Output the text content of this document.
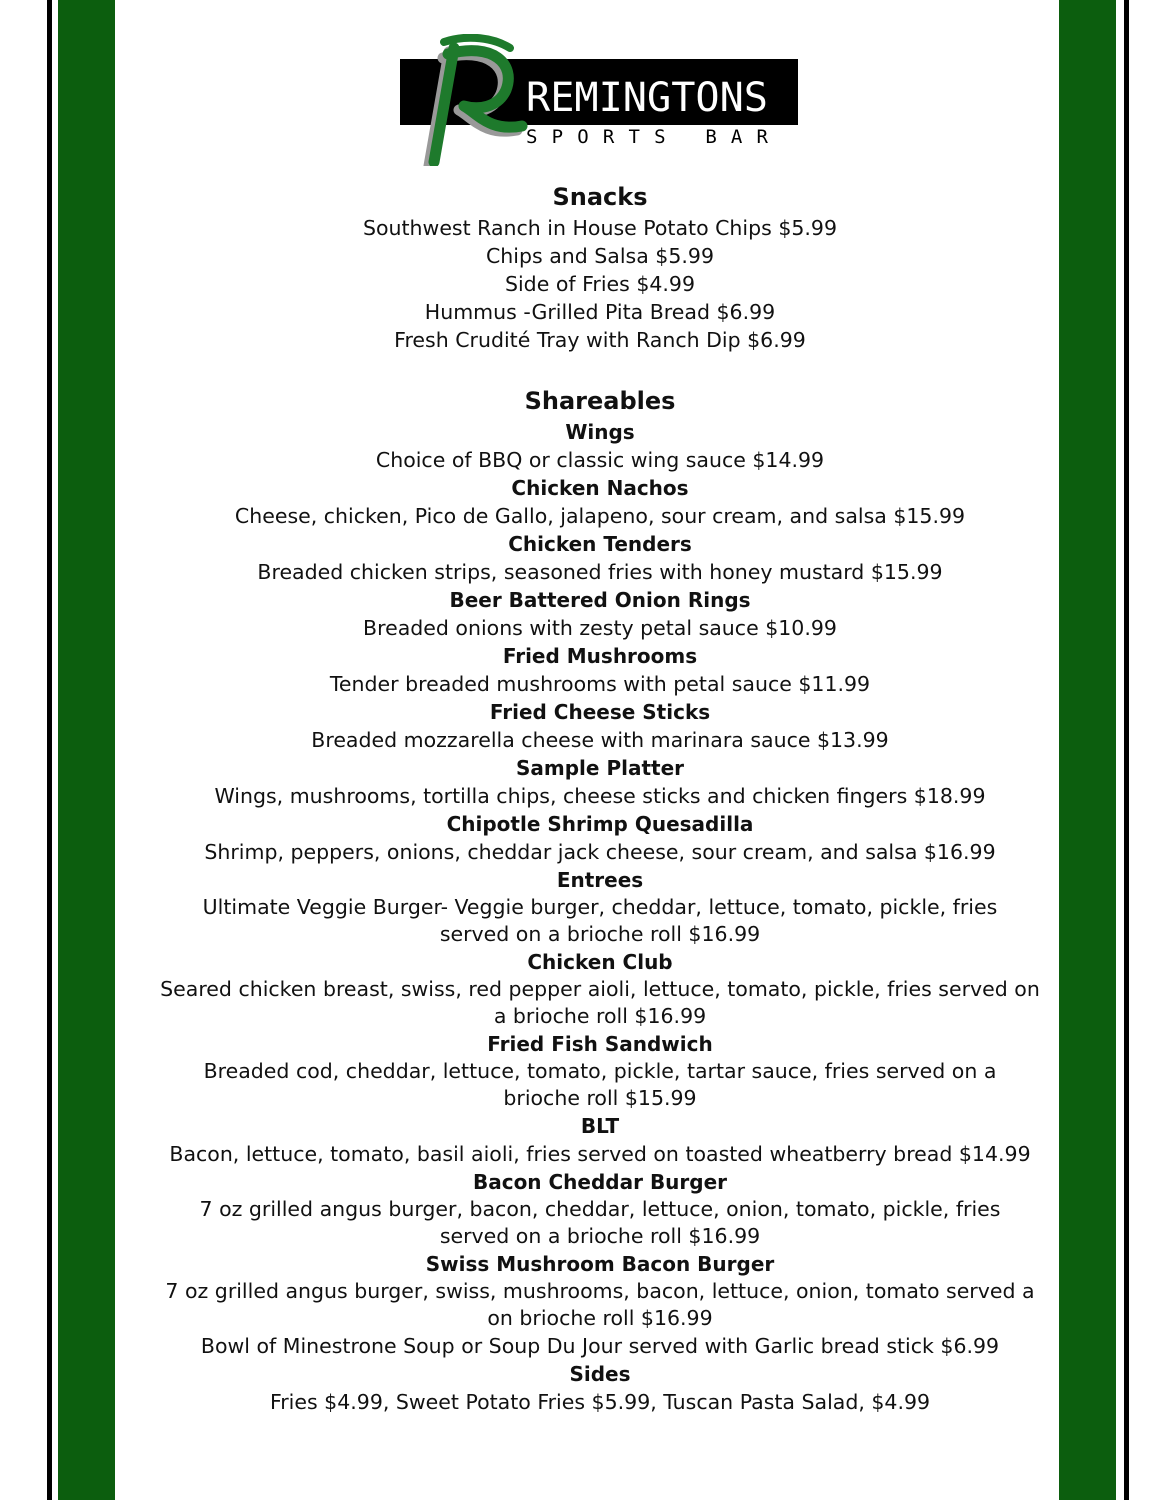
REMINGTONS
SPORTS BAR
Snacks
Southwest Ranch in House Potato Chips $5.99
Chips and Salsa $5.99
Side of Fries $4.99
Hummus -Grilled Pita Bread $6.99
Fresh Crudité Tray with Ranch Dip $6.99
Shareables
Wings
Choice of BBQ or classic wing sauce $14.99
Chicken Nachos
Cheese, chicken, Pico de Gallo, jalapeno, sour cream, and salsa $15.99
Chicken Tenders
Breaded chicken strips, seasoned fries with honey mustard $15.99
Beer Battered Onion Rings
Breaded onions with zesty petal sauce $10.99
Fried Mushrooms
Tender breaded mushrooms with petal sauce $11.99
Fried Cheese Sticks
Breaded mozzarella cheese with marinara sauce $13.99
Sample Platter
Wings, mushrooms, tortilla chips, cheese sticks and chicken fingers $18.99
Chipotle Shrimp Quesadilla
Shrimp, peppers, onions, cheddar jack cheese, sour cream, and salsa $16.99
Entrees
Ultimate Veggie Burger- Veggie burger, cheddar, lettuce, tomato, pickle, fries served on a brioche roll $16.99
Chicken Club
Seared chicken breast, swiss, red pepper aioli, lettuce, tomato, pickle, fries served on a brioche roll $16.99
Fried Fish Sandwich
Breaded cod, cheddar, lettuce, tomato, pickle, tartar sauce, fries served on a brioche roll $15.99
BLT
Bacon, lettuce, tomato, basil aioli, fries served on toasted wheatberry bread $14.99
Bacon Cheddar Burger
7 oz grilled angus burger, bacon, cheddar, lettuce, onion, tomato, pickle, fries served on a brioche roll $16.99
Swiss Mushroom Bacon Burger
7 oz grilled angus burger, swiss, mushrooms, bacon, lettuce, onion, tomato served a on brioche roll $16.99
Bowl of Minestrone Soup or Soup Du Jour served with Garlic bread stick $6.99
Sides
Fries $4.99, Sweet Potato Fries $5.99, Tuscan Pasta Salad, $4.99
